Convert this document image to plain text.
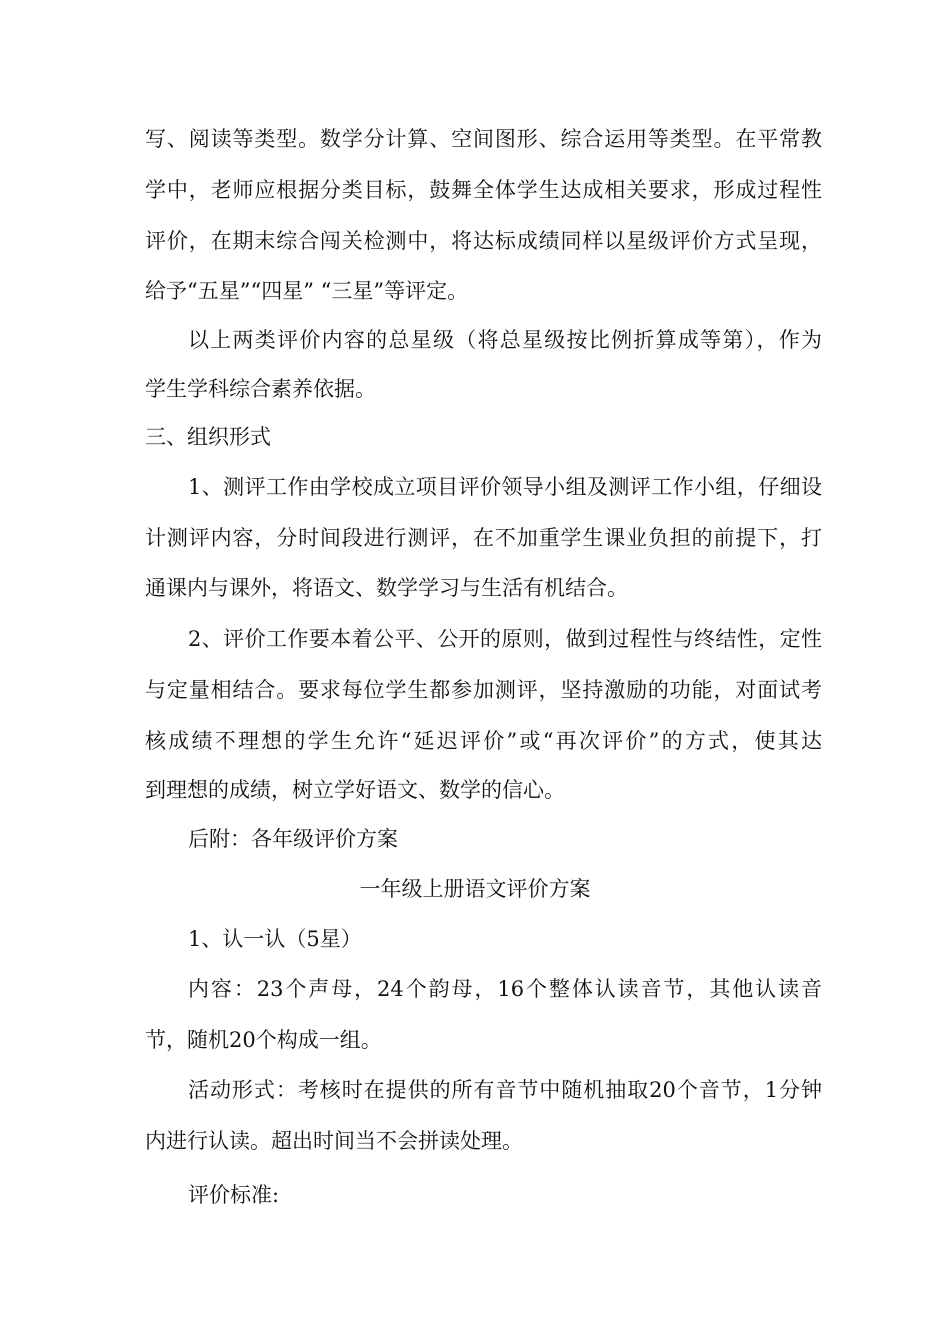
写、阅读等类型。数学分计算、空间图形、综合运用等类型。在平常教
学中，老师应根据分类目标，鼓舞全体学生达成相关要求，形成过程性
评价，在期末综合闯关检测中，将达标成绩同样以星级评价方式呈现，
给予“五星”“四星” “三星”等评定。
以上两类评价内容的总星级（将总星级按比例折算成等第），作为
学生学科综合素养依据。
三、组织形式
1、测评工作由学校成立项目评价领导小组及测评工作小组，仔细设
计测评内容，分时间段进行测评，在不加重学生课业负担的前提下，打
通课内与课外，将语文、数学学习与生活有机结合。
2、评价工作要本着公平、公开的原则，做到过程性与终结性，定性
与定量相结合。要求每位学生都参加测评，坚持激励的功能，对面试考
核成绩不理想的学生允许“延迟评价”或“再次评价”的方式，使其达
到理想的成绩，树立学好语文、数学的信心。
后附：各年级评价方案
一年级上册语文评价方案
1、认一认（5星）
内容：23个声母，24个韵母，16个整体认读音节，其他认读音
节，随机20个构成一组。
活动形式：考核时在提供的所有音节中随机抽取20个音节，1分钟
内进行认读。超出时间当不会拼读处理。
评价标准:
